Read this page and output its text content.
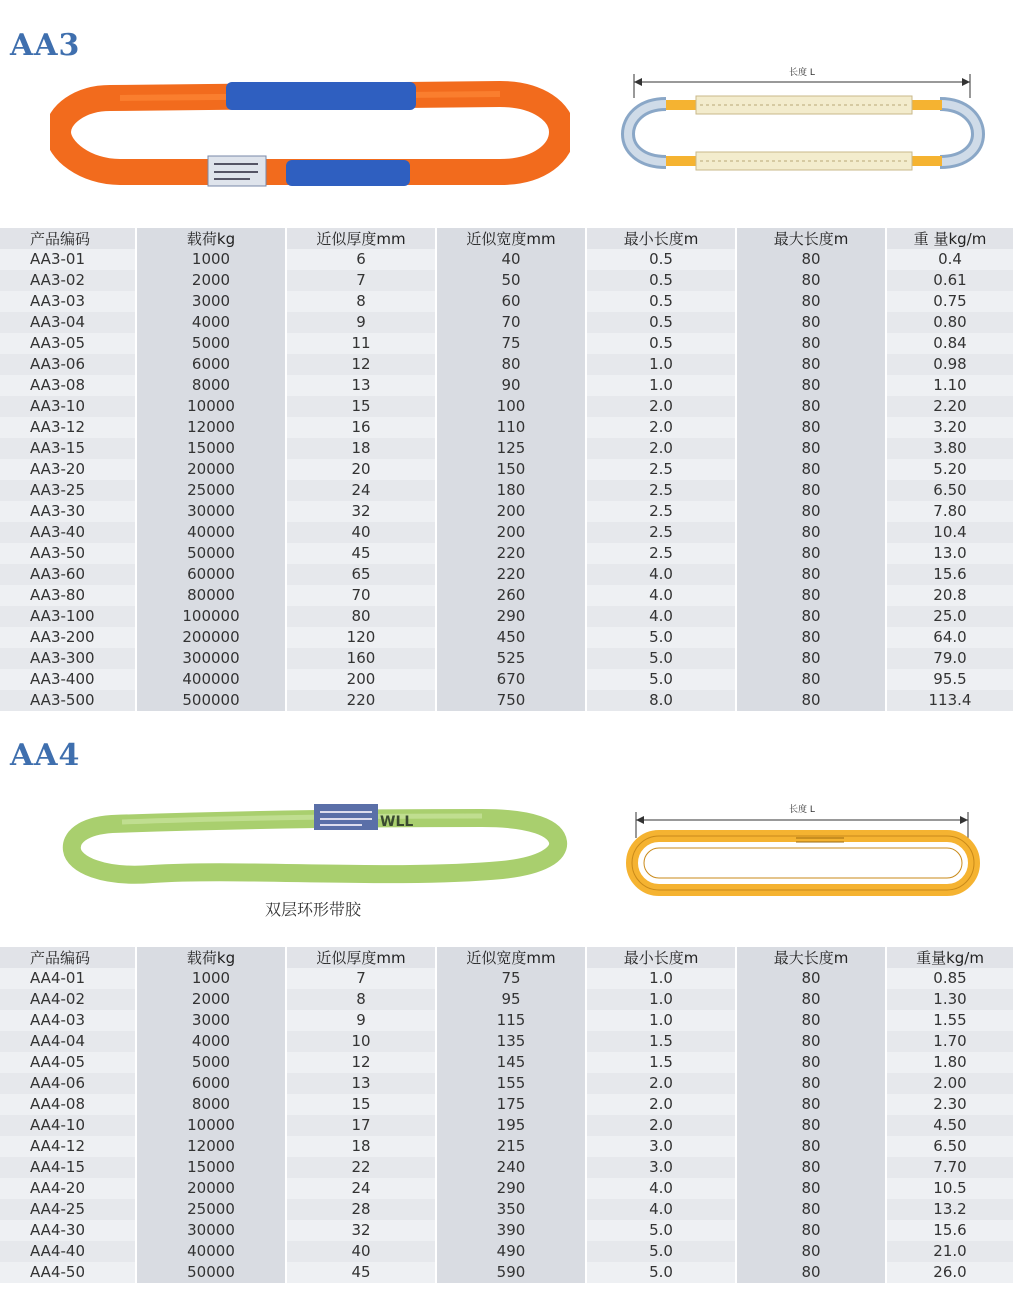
AA3
长度 L
产品编码	载荷kg	近似厚度mm	近似宽度mm	最小长度m	最大长度m	重 量kg/m
AA3-01	1000	6	40	0.5	80	0.4
AA3-02	2000	7	50	0.5	80	0.61
AA3-03	3000	8	60	0.5	80	0.75
AA3-04	4000	9	70	0.5	80	0.80
AA3-05	5000	11	75	0.5	80	0.84
AA3-06	6000	12	80	1.0	80	0.98
AA3-08	8000	13	90	1.0	80	1.10
AA3-10	10000	15	100	2.0	80	2.20
AA3-12	12000	16	110	2.0	80	3.20
AA3-15	15000	18	125	2.0	80	3.80
AA3-20	20000	20	150	2.5	80	5.20
AA3-25	25000	24	180	2.5	80	6.50
AA3-30	30000	32	200	2.5	80	7.80
AA3-40	40000	40	200	2.5	80	10.4
AA3-50	50000	45	220	2.5	80	13.0
AA3-60	60000	65	220	4.0	80	15.6
AA3-80	80000	70	260	4.0	80	20.8
AA3-100	100000	80	290	4.0	80	25.0
AA3-200	200000	120	450	5.0	80	64.0
AA3-300	300000	160	525	5.0	80	79.0
AA3-400	400000	200	670	5.0	80	95.5
AA3-500	500000	220	750	8.0	80	113.4
AA4
WLL
双层环形带胶
长度 L
产品编码	载荷kg	近似厚度mm	近似宽度mm	最小长度m	最大长度m	重量kg/m
AA4-01	1000	7	75	1.0	80	0.85
AA4-02	2000	8	95	1.0	80	1.30
AA4-03	3000	9	115	1.0	80	1.55
AA4-04	4000	10	135	1.5	80	1.70
AA4-05	5000	12	145	1.5	80	1.80
AA4-06	6000	13	155	2.0	80	2.00
AA4-08	8000	15	175	2.0	80	2.30
AA4-10	10000	17	195	2.0	80	4.50
AA4-12	12000	18	215	3.0	80	6.50
AA4-15	15000	22	240	3.0	80	7.70
AA4-20	20000	24	290	4.0	80	10.5
AA4-25	25000	28	350	4.0	80	13.2
AA4-30	30000	32	390	5.0	80	15.6
AA4-40	40000	40	490	5.0	80	21.0
AA4-50	50000	45	590	5.0	80	26.0
